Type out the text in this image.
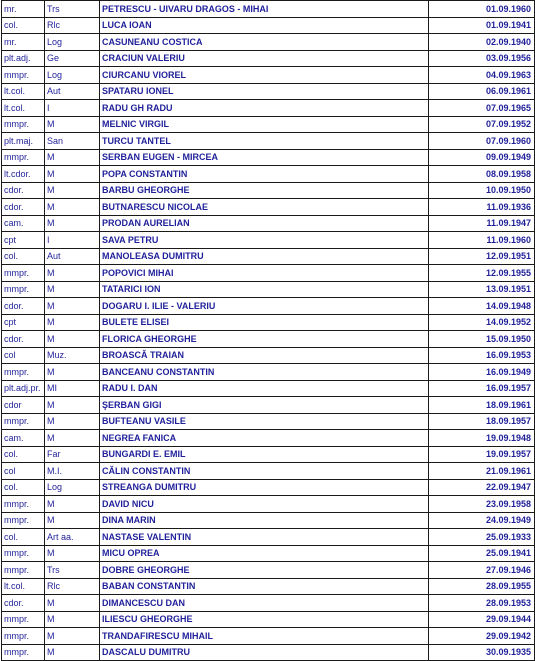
mr.	Trs	PETRESCU - UIVARU DRAGOS - MIHAI	01.09.1960
col.	Rlc	LUCA IOAN	01.09.1941
mr.	Log	CASUNEANU COSTICA	02.09.1940
plt.adj.	Ge	CRACIUN VALERIU	03.09.1956
mmpr.	Log	CIURCANU VIOREL	04.09.1963
lt.col.	Aut	SPATARU IONEL	06.09.1961
lt.col.	I	RADU GH RADU	07.09.1965
mmpr.	M	MELNIC VIRGIL	07.09.1952
plt.maj.	San	TURCU TANTEL	07.09.1960
mmpr.	M	SERBAN EUGEN - MIRCEA	09.09.1949
lt.cdor.	M	POPA CONSTANTIN	08.09.1958
cdor.	M	BARBU GHEORGHE	10.09.1950
cdor.	M	BUTNARESCU NICOLAE	11.09.1936
cam.	M	PRODAN AURELIAN	11.09.1947
cpt	I	SAVA PETRU	11.09.1960
col.	Aut	MANOLEASA DUMITRU	12.09.1951
mmpr.	M	POPOVICI MIHAI	12.09.1955
mmpr.	M	TATARICI ION	13.09.1951
cdor.	M	DOGARU I. ILIE - VALERIU	14.09.1948
cpt	M	BULETE ELISEI	14.09.1952
cdor.	M	FLORICA GHEORGHE	15.09.1950
col	Muz.	BROASCĂ TRAIAN	16.09.1953
mmpr.	M	BANCEANU CONSTANTIN	16.09.1949
plt.adj.pr.	MI	RADU I. DAN	16.09.1957
cdor	M	ŞERBAN GIGI	18.09.1961
mmpr.	M	BUFTEANU VASILE	18.09.1957
cam.	M	NEGREA FANICA	19.09.1948
col.	Far	BUNGARDI E. EMIL	19.09.1957
col	M.I.	CĂLIN CONSTANTIN	21.09.1961
col.	Log	STREANGA DUMITRU	22.09.1947
mmpr.	M	DAVID NICU	23.09.1958
mmpr.	M	DINA MARIN	24.09.1949
col.	Art aa.	NASTASE VALENTIN	25.09.1933
mmpr.	M	MICU OPREA	25.09.1941
mmpr.	Trs	DOBRE GHEORGHE	27.09.1946
lt.col.	Rlc	BABAN CONSTANTIN	28.09.1955
cdor.	M	DIMANCESCU DAN	28.09.1953
mmpr.	M	ILIESCU GHEORGHE	29.09.1944
mmpr.	M	TRANDAFIRESCU MIHAIL	29.09.1942
mmpr.	M	DASCALU DUMITRU	30.09.1935
